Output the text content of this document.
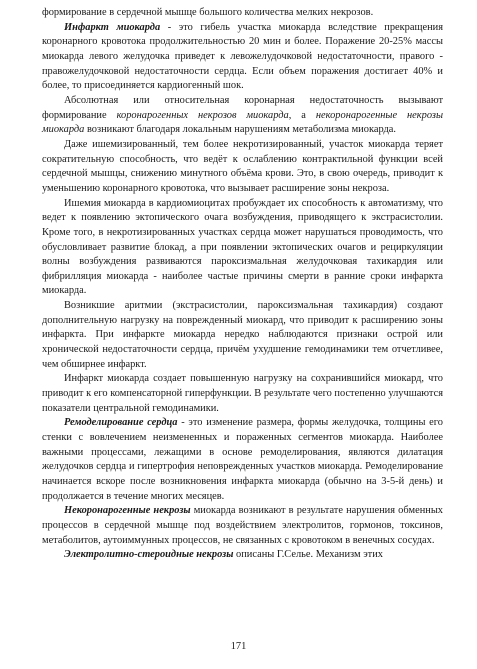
формирование в сердечной мышце большого количества мелких некрозов.

Инфаркт миокарда - это гибель участка миокарда вследствие прекращения коронарного кровотока продолжительностью 20 мин и более. Поражение 20-25% массы миокарда левого желудочка приведет к левожелудочковой недостаточности, правого - правожелудочковой недостаточности сердца. Если объем поражения достигает 40% и более, то присоединяется кардиогенный шок.

Абсолютная или относительная коронарная недостаточность вызывают формирование коронарогенных некрозов миокарда, а некоронарогенные некрозы миокарда возникают благодаря локальным нарушениям метаболизма миокарда.

Даже ишемизированный, тем более некротизированный, участок миокарда теряет сократительную способность, что ведёт к ослаблению контрактильной функции всей сердечной мышцы, снижению минутного объёма крови. Это, в свою очередь, приводит к уменьшению коронарного кровотока, что вызывает расширение зоны некроза.

Ишемия миокарда в кардиомиоцитах пробуждает их способность к автоматизму, что ведет к появлению эктопического очага возбуждения, приводящего к экстрасистолии. Кроме того, в некротизированных участках сердца может нарушаться проводимость, что обусловливает развитие блокад, а при появлении эктопических очагов и рециркуляции волны возбуждения развиваются пароксизмальная желудочковая тахикардия или фибрилляция миокарда - наиболее частые причины смерти в ранние сроки инфаркта миокарда.

Возникшие аритмии (экстрасистолии, пароксизмальная тахикардия) создают дополнительную нагрузку на поврежденный миокард, что приводит к расширению зоны инфаркта. При инфаркте миокарда нередко наблюдаются признаки острой или хронической недостаточности сердца, причём ухудшение гемодинамики тем отчетливее, чем обширнее инфаркт.

Инфаркт миокарда создает повышенную нагрузку на сохранившийся миокард, что приводит к его компенсаторной гиперфункции. В результате чего постепенно улучшаются показатели центральной гемодинамики.

Ремоделирование сердца - это изменение размера, формы желудочка, толщины его стенки с вовлечением неизмененных и пораженных сегментов миокарда. Наиболее важными процессами, лежащими в основе ремоделирования, являются дилатация желудочков сердца и гипертрофия неповрежденных участков миокарда. Ремоделирование начинается вскоре после возникновения инфаркта миокарда (обычно на 3-5-й день) и продолжается в течение многих месяцев.

Некоронарогенные некрозы миокарда возникают в результате нарушения обменных процессов в сердечной мышце под воздействием электролитов, гормонов, токсинов, метаболитов, аутоиммунных процессов, не связанных с кровотоком в венечных сосудах.

Электролитно-стероидные некрозы описаны Г.Селье. Механизм этих

171
